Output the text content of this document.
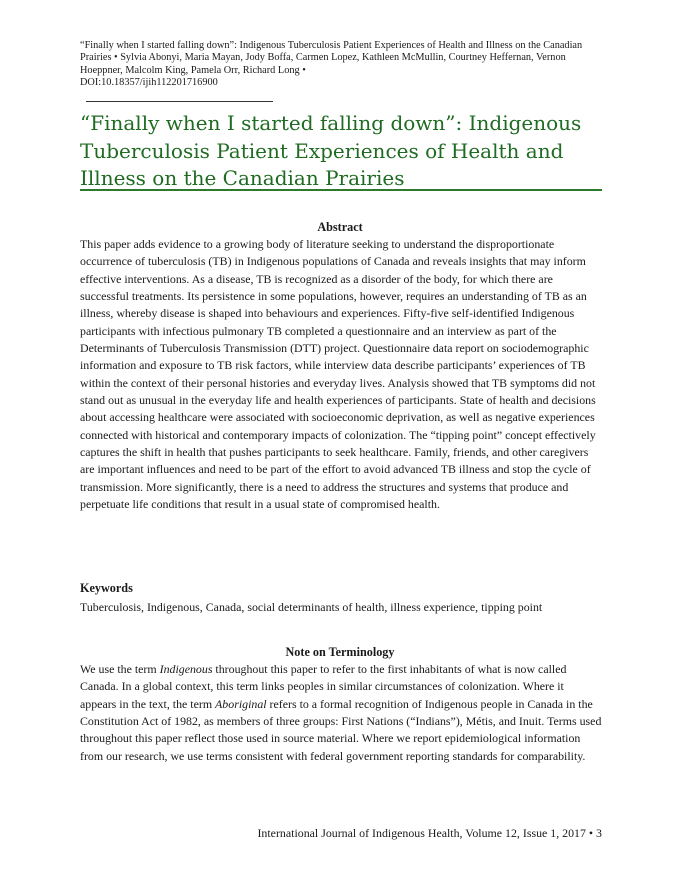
“Finally when I started falling down”: Indigenous Tuberculosis Patient Experiences of Health and Illness on the Canadian Prairies • Sylvia Abonyi, Maria Mayan, Jody Boffa, Carmen Lopez, Kathleen McMullin, Courtney Heffernan, Vernon Hoeppner, Malcolm King, Pamela Orr, Richard Long •
DOI:10.18357/ijih112201716900
“Finally when I started falling down”: Indigenous Tuberculosis Patient Experiences of Health and Illness on the Canadian Prairies
Abstract

This paper adds evidence to a growing body of literature seeking to understand the disproportionate occurrence of tuberculosis (TB) in Indigenous populations of Canada and reveals insights that may inform effective interventions. As a disease, TB is recognized as a disorder of the body, for which there are successful treatments. Its persistence in some populations, however, requires an understanding of TB as an illness, whereby disease is shaped into behaviours and experiences. Fifty-five self-identified Indigenous participants with infectious pulmonary TB completed a questionnaire and an interview as part of the Determinants of Tuberculosis Transmission (DTT) project. Questionnaire data report on sociodemographic information and exposure to TB risk factors, while interview data describe participants’ experiences of TB within the context of their personal histories and everyday lives. Analysis showed that TB symptoms did not stand out as unusual in the everyday life and health experiences of participants. State of health and decisions about accessing healthcare were associated with socioeconomic deprivation, as well as negative experiences connected with historical and contemporary impacts of colonization. The “tipping point” concept effectively captures the shift in health that pushes participants to seek healthcare. Family, friends, and other caregivers are important influences and need to be part of the effort to avoid advanced TB illness and stop the cycle of transmission. More significantly, there is a need to address the structures and systems that produce and perpetuate life conditions that result in a usual state of compromised health.

Keywords

Tuberculosis, Indigenous, Canada, social determinants of health, illness experience, tipping point

Note on Terminology

We use the term Indigenous throughout this paper to refer to the first inhabitants of what is now called Canada. In a global context, this term links peoples in similar circumstances of colonization. Where it appears in the text, the term Aboriginal refers to a formal recognition of Indigenous people in Canada in the Constitution Act of 1982, as members of three groups: First Nations (“Indians”), Métis, and Inuit. Terms used throughout this paper reflect those used in source material. Where we report epidemiological information from our research, we use terms consistent with federal government reporting standards for comparability.

International Journal of Indigenous Health, Volume 12, Issue 1, 2017 • 3
